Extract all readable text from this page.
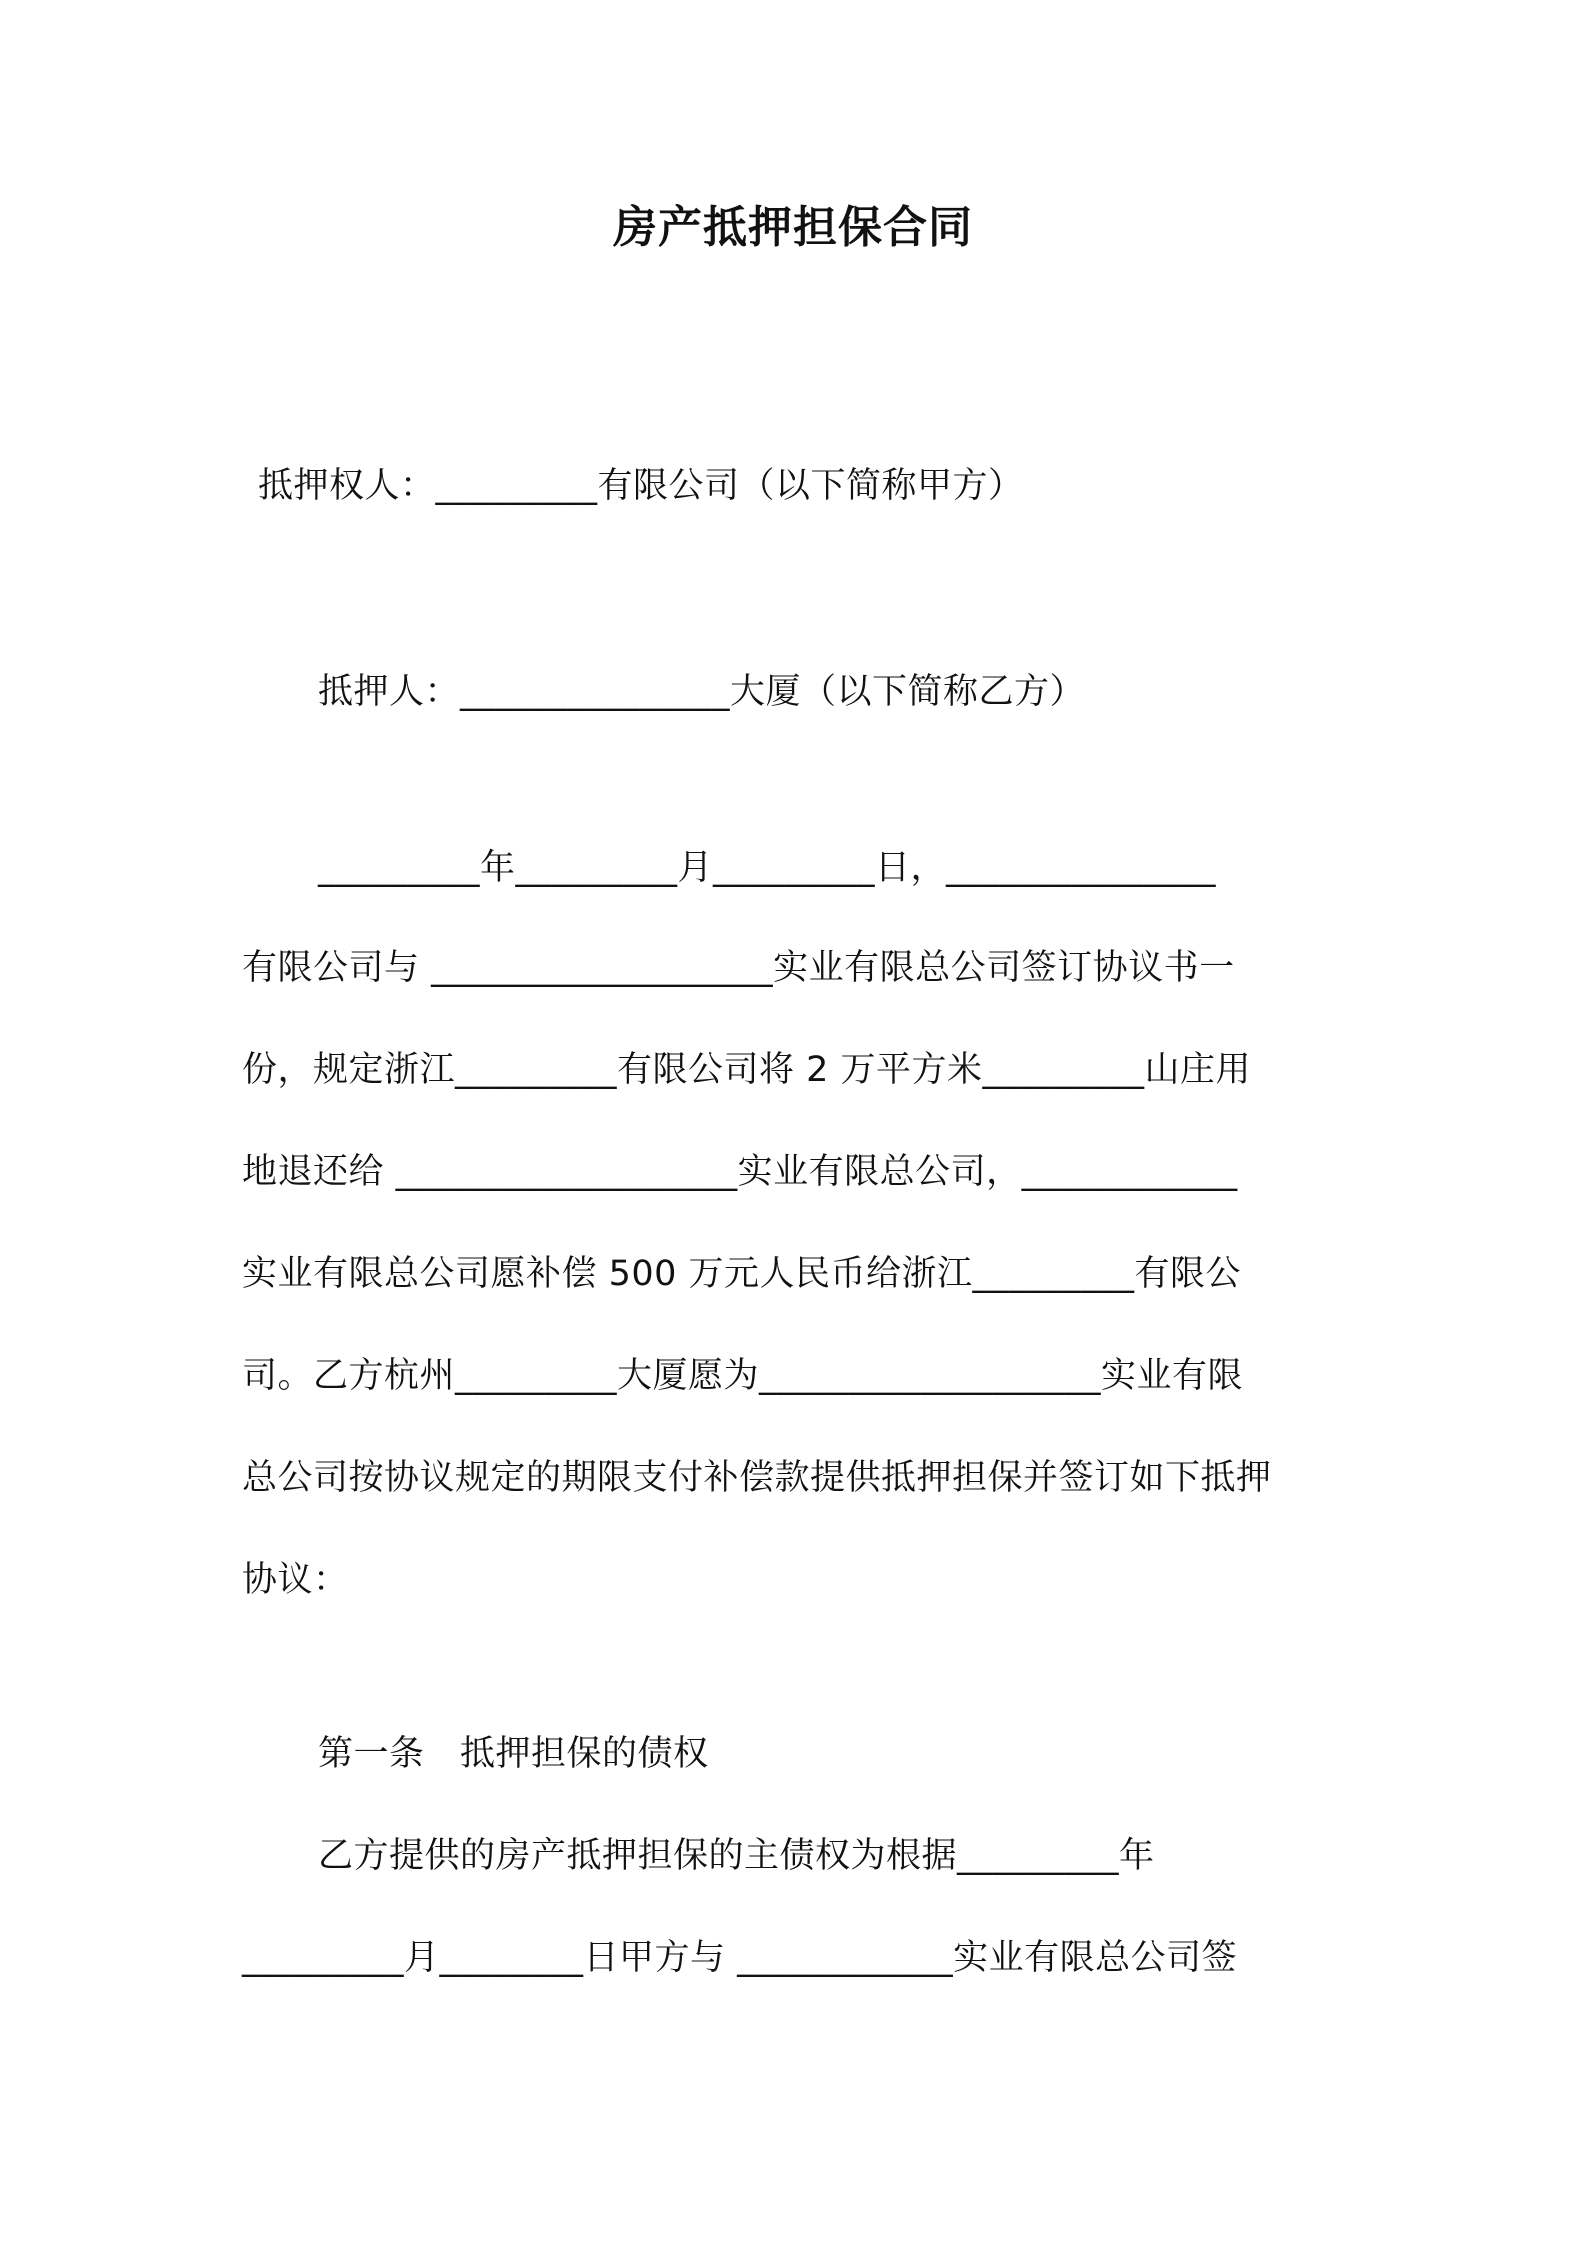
房产抵押担保合同
抵押权人：_________有限公司（以下简称甲方）
抵押人：_______________大厦（以下简称乙方）
_________年_________月_________日，_______________
有限公司与 ___________________实业有限总公司签订协议书一
份，规定浙江_________有限公司将 2 万平方米_________山庄用
地退还给 ___________________实业有限总公司，____________
实业有限总公司愿补偿 500 万元人民币给浙江_________有限公
司。乙方杭州_________大厦愿为___________________实业有限
总公司按协议规定的期限支付补偿款提供抵押担保并签订如下抵押
协议：
第一条　抵押担保的债权
乙方提供的房产抵押担保的主债权为根据_________年
_________月________日甲方与 ____________实业有限总公司签
